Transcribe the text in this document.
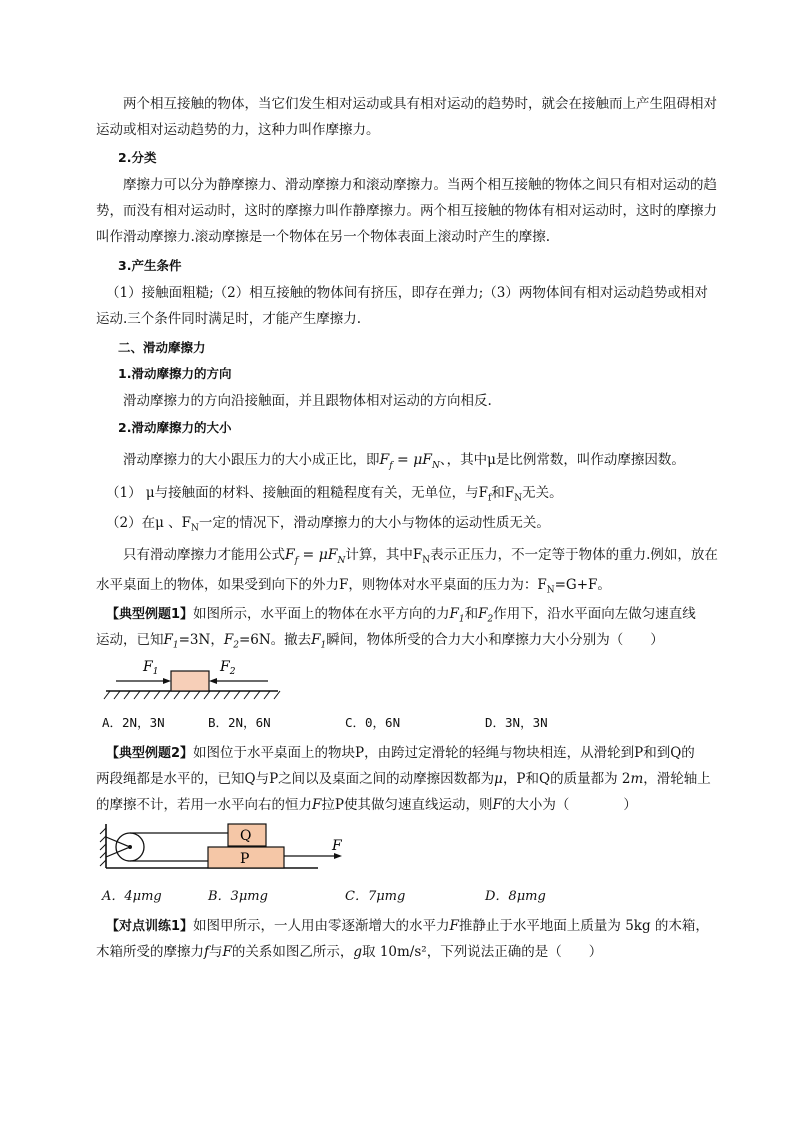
两个相互接触的物体，当它们发生相对运动或具有相对运动的趋势时，就会在接触而上产生阻碍相对

运动或相对运动趋势的力，这种力叫作摩擦力。

2.分类

摩擦力可以分为静摩擦力、滑动摩擦力和滚动摩擦力。当两个相互接触的物体之间只有相对运动的趋

势，而没有相对运动时，这时的摩擦力叫作静摩擦力。两个相互接触的物体有相对运动时，这时的摩擦力

叫作滑动摩擦力.滚动摩擦是一个物体在另一个物体表面上滚动时产生的摩擦.

3.产生条件

（1）接触面粗糙;（2）相互接触的物体间有挤压，即存在弹力;（3）两物体间有相对运动趋势或相对

运动.三个条件同时满足时，才能产生摩擦力.

二、滑动摩擦力

1.滑动摩擦力的方向

滑动摩擦力的方向沿接触面，并且跟物体相对运动的方向相反.

2.滑动摩擦力的大小

滑动摩擦力的大小跟压力的大小成正比，即$F_f = \mu F_N$、，其中μ是比例常数，叫作动摩擦因数。

（1） μ与接触面的材料、接触面的粗糙程度有关，无单位，与$F_f$和$F_N$无关。

（2）在μ 、$F_N$一定的情况下，滑动摩擦力的大小与物体的运动性质无关。

只有滑动摩擦力才能用公式$F_f = \mu F_N$计算，其中$F_N$表示正压力，不一定等于物体的重力.例如，放在

水平桌面上的物体，如果受到向下的外力F，则物体对水平桌面的压力为：$F_N=G+F$。

【典型例题1】如图所示，水平面上的物体在水平方向的力$F_1$和$F_2$作用下，沿水平面向左做匀速直线

运动，已知$F_1=3N$，$F_2=6N$。撤去$F_1$瞬间，物体所受的合力大小和摩擦力大小分别为（　　）

$F_1$	$F_2$
A．2N，3N	B．2N，6N	C．0，6N	D．3N，3N

【典型例题2】如图位于水平桌面上的物块P，由跨过定滑轮的轻绳与物块相连，从滑轮到P和到Q的

两段绳都是水平的，已知Q与P之间以及桌面之间的动摩擦因数都为μ，P和Q的质量都为 2m，滑轮轴上

的摩擦不计，若用一水平向右的恒力F拉P使其做匀速直线运动，则F的大小为（　　　　）

Q
P
F
A．4μmg	B．3μmg	C．7μmg	D．8μmg

【对点训练1】如图甲所示，一人用由零逐渐增大的水平力F推静止于水平地面上质量为 5kg 的木箱，

木箱所受的摩擦力f与F的关系如图乙所示，g取 10m/s²，下列说法正确的是（　　）
